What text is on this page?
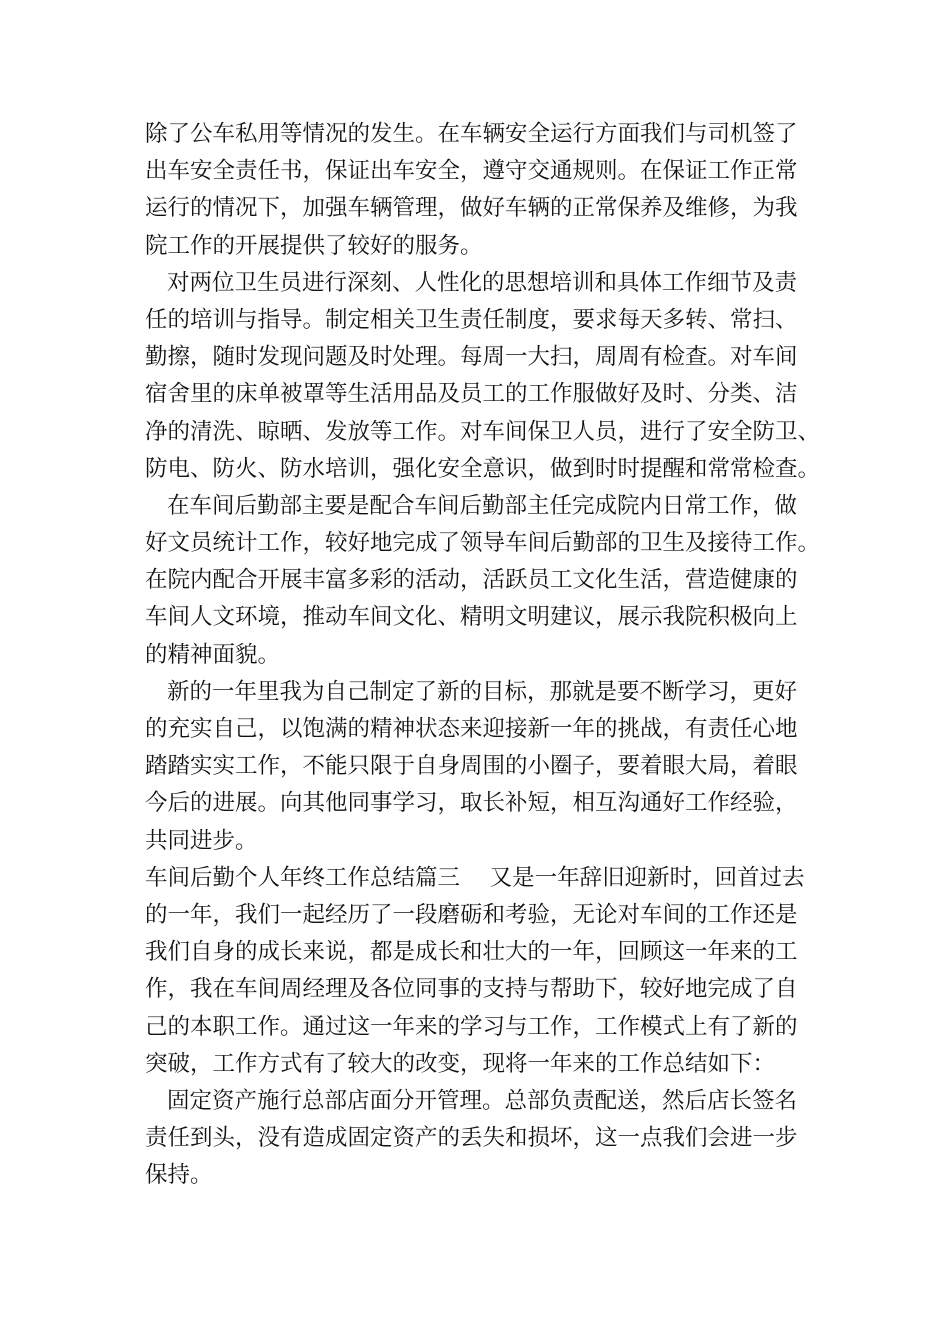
除了公车私用等情况的发生。在车辆安全运行方面我们与司机签了
出车安全责任书，保证出车安全，遵守交通规则。在保证工作正常
运行的情况下，加强车辆管理，做好车辆的正常保养及维修，为我
院工作的开展提供了较好的服务。
对两位卫生员进行深刻、人性化的思想培训和具体工作细节及责
任的培训与指导。制定相关卫生责任制度，要求每天多转、常扫、
勤擦，随时发现问题及时处理。每周一大扫，周周有检查。对车间
宿舍里的床单被罩等生活用品及员工的工作服做好及时、分类、洁
净的清洗、晾晒、发放等工作。对车间保卫人员，进行了安全防卫、
防电、防火、防水培训，强化安全意识，做到时时提醒和常常检查。
在车间后勤部主要是配合车间后勤部主任完成院内日常工作，做
好文员统计工作，较好地完成了领导车间后勤部的卫生及接待工作。
在院内配合开展丰富多彩的活动，活跃员工文化生活，营造健康的
车间人文环境，推动车间文化、精明文明建议，展示我院积极向上
的精神面貌。
新的一年里我为自己制定了新的目标，那就是要不断学习，更好
的充实自己，以饱满的精神状态来迎接新一年的挑战，有责任心地
踏踏实实工作，不能只限于自身周围的小圈子，要着眼大局，着眼
今后的进展。向其他同事学习，取长补短，相互沟通好工作经验，
共同进步。
车间后勤个人年终工作总结篇三　 又是一年辞旧迎新时，回首过去
的一年，我们一起经历了一段磨砺和考验，无论对车间的工作还是
我们自身的成长来说，都是成长和壮大的一年，回顾这一年来的工
作，我在车间周经理及各位同事的支持与帮助下，较好地完成了自
己的本职工作。通过这一年来的学习与工作，工作模式上有了新的
突破，工作方式有了较大的改变，现将一年来的工作总结如下：
固定资产施行总部店面分开管理。总部负责配送，然后店长签名
责任到头，没有造成固定资产的丢失和损坏，这一点我们会进一步
保持。
